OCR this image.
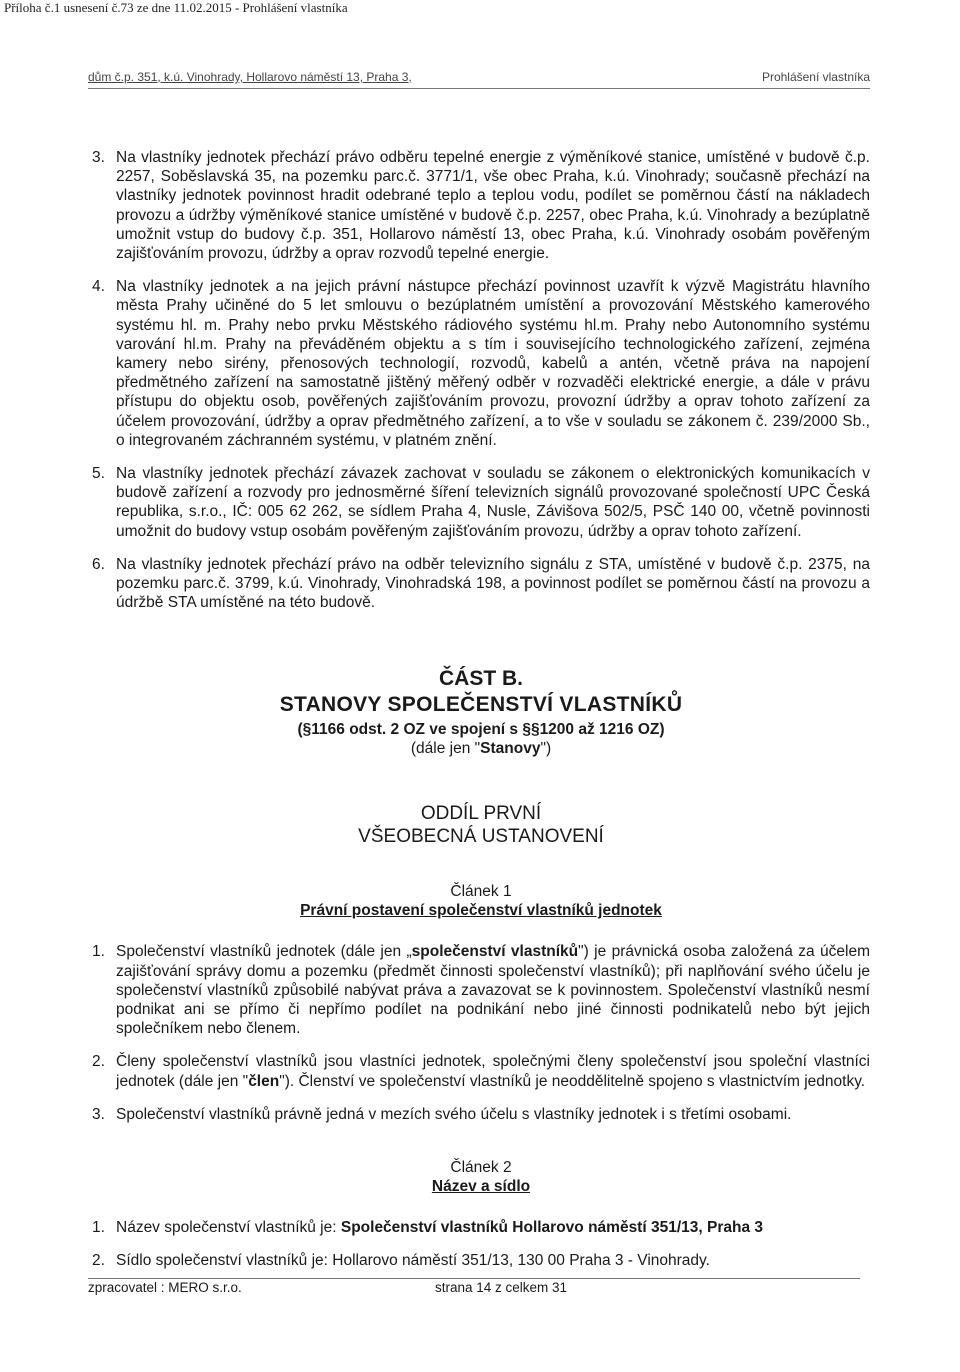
Příloha č.1 usnesení č.73 ze dne 11.02.2015 - Prohlášení vlastníka
dům č.p. 351, k.ú. Vinohrady, Hollarovo náměstí 13, Praha 3,	Prohlášení vlastníka
3. Na vlastníky jednotek přechází právo odběru tepelné energie z výměníkové stanice, umístěné v budově č.p. 2257, Soběslavská 35, na pozemku parc.č. 3771/1, vše obec Praha, k.ú. Vinohrady; současně přechází na vlastníky jednotek povinnost hradit odebrané teplo a teplou vodu, podílet se poměrnou částí na nákladech provozu a údržby výměníkové stanice umístěné v budově č.p. 2257, obec Praha, k.ú. Vinohrady a bezúplatně umožnit vstup do budovy č.p. 351, Hollarovo náměstí 13, obec Praha, k.ú. Vinohrady osobám pověřeným zajišťováním provozu, údržby a oprav rozvodů tepelné energie.
4. Na vlastníky jednotek a na jejich právní nástupce přechází povinnost uzavřít k výzvě Magistrátu hlavního města Prahy učiněné do 5 let smlouvu o bezúplatném umístění a provozování Městského kamerového systému hl. m. Prahy nebo prvku Městského rádiového systému hl.m. Prahy nebo Autonomního systému varování hl.m. Prahy na převáděném objektu a s tím i souvisejícího technologického zařízení, zejména kamery nebo sirény, přenosových technologií, rozvodů, kabelů a antén, včetně práva na napojení předmětného zařízení na samostatně jištěný měřený odběr v rozvaděči elektrické energie, a dále v právu přístupu do objektu osob, pověřených zajišťováním provozu, provozní údržby a oprav tohoto zařízení za účelem provozování, údržby a oprav předmětného zařízení, a to vše v souladu se zákonem č. 239/2000 Sb., o integrovaném záchranném systému, v platném znění.
5. Na vlastníky jednotek přechází závazek zachovat v souladu se zákonem o elektronických komunikacích v budově zařízení a rozvody pro jednosměrné šíření televizních signálů provozované společností UPC Česká republika, s.r.o., IČ: 005 62 262, se sídlem Praha 4, Nusle, Závišova 502/5, PSČ 140 00, včetně povinnosti umožnit do budovy vstup osobám pověřeným zajišťováním provozu, údržby a oprav tohoto zařízení.
6. Na vlastníky jednotek přechází právo na odběr televizního signálu z STA, umístěné v budově č.p. 2375, na pozemku parc.č. 3799, k.ú. Vinohrady, Vinohradská 198, a povinnost podílet se poměrnou částí na provozu a údržbě STA umístěné na této budově.
ČÁST B.
STANOVY SPOLEČENSTVÍ VLASTNÍKŮ
(§1166 odst. 2 OZ ve spojení s §§1200 až 1216 OZ)
(dále jen "Stanovy")
ODDÍL PRVNÍ
VŠEOBECNÁ USTANOVENÍ
Článek 1
Právní postavení společenství vlastníků jednotek
1. Společenství vlastníků jednotek (dále jen „společenství vlastníků") je právnická osoba založená za účelem zajišťování správy domu a pozemku (předmět činnosti společenství vlastníků); při naplňování svého účelu je společenství vlastníků způsobilé nabývat práva a zavazovat se k povinnostem. Společenství vlastníků nesmí podnikat ani se přímo či nepřímo podílet na podnikání nebo jiné činnosti podnikatelů nebo být jejich společníkem nebo členem.
2. Členy společenství vlastníků jsou vlastníci jednotek, společnými členy společenství jsou společní vlastníci jednotek (dále jen "člen"). Členství ve společenství vlastníků je neoddělitelně spojeno s vlastnictvím jednotky.
3. Společenství vlastníků právně jedná v mezích svého účelu s vlastníky jednotek i s třetími osobami.
Článek 2
Název a sídlo
1. Název společenství vlastníků je: Společenství vlastníků Hollarovo náměstí 351/13, Praha 3
2. Sídlo společenství vlastníků je: Hollarovo náměstí 351/13, 130 00 Praha 3 - Vinohrady.
zpracovatel : MERO s.r.o.	strana 14 z celkem 31
